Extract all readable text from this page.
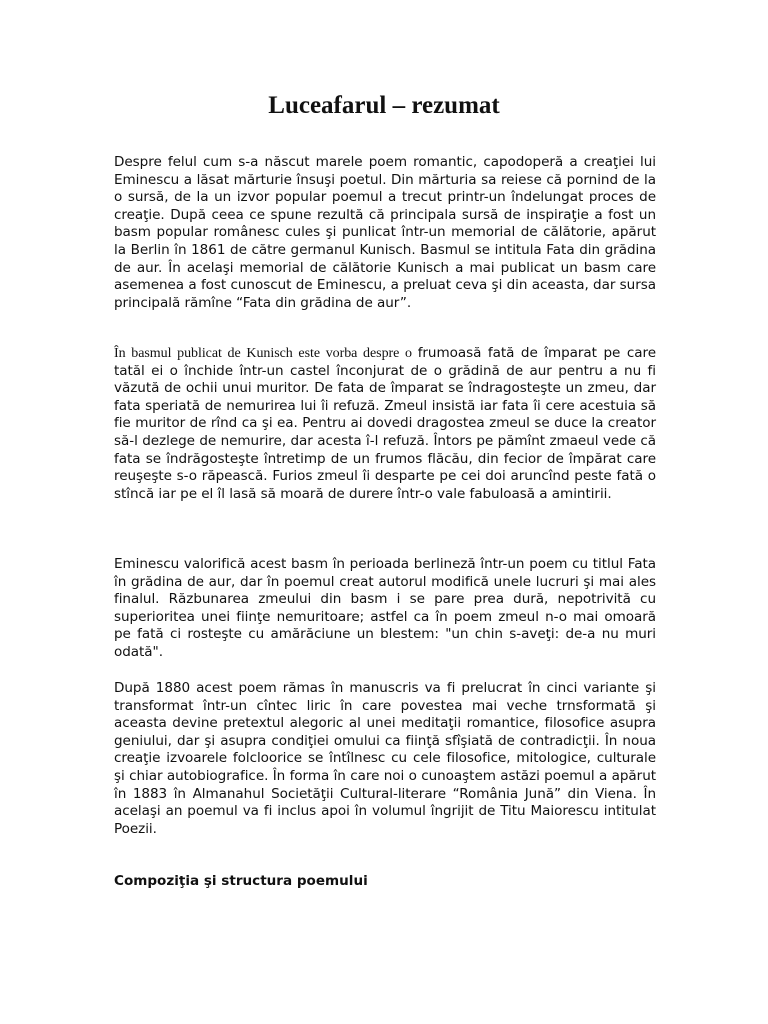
Luceafarul – rezumat

Despre felul cum s-a născut marele poem romantic, capodoperă a creaţiei lui Eminescu a lăsat mărturie însuşi poetul. Din mărturia sa reiese că pornind de la o sursă, de la un izvor popular poemul a trecut printr-un îndelungat proces de creaţie. După ceea ce spune rezultă că principala sursă de inspiraţie a fost un basm popular românesc cules şi punlicat într-un memorial de călătorie, apărut la Berlin în 1861 de către germanul Kunisch. Basmul se intitula Fata din grădina de aur. În acelaşi memorial de călătorie Kunisch a mai publicat un basm care asemenea a fost cunoscut de Eminescu, a preluat ceva şi din aceasta, dar sursa principală rămîne “Fata din grădina de aur”.

În basmul publicat de Kunisch este vorba despre o frumoasă fată de împarat pe care tatăl ei o închide într-un castel înconjurat de o grădină de aur pentru a nu fi văzută de ochii unui muritor. De fata de împarat se îndragosteşte un zmeu, dar fata speriată de nemurirea lui îi refuză. Zmeul insistă iar fata îi cere acestuia să fie muritor de rînd ca şi ea. Pentru ai dovedi dragostea zmeul se duce la creator să-l dezlege de nemurire, dar acesta î-l refuză. Întors pe pămînt zmaeul vede că fata se îndrăgosteşte întretimp de un frumos flăcău, din fecior de împărat care reuşeşte s-o răpească. Furios zmeul îi desparte pe cei doi aruncînd peste fată o stîncă iar pe el îl lasă să moară de durere într-o vale fabuloasă a amintirii.

Eminescu valorifică acest basm în perioada berlineză într-un poem cu titlul Fata în grădina de aur, dar în poemul creat autorul modifică unele lucruri şi mai ales finalul. Răzbunarea zmeului din basm i se pare prea dură, nepotrivită cu superioritea unei fiinţe nemuritoare; astfel ca în poem zmeul n-o mai omoară pe fată ci rosteşte cu amărăciune un blestem: "un chin s-aveţi: de-a nu muri odată".

După 1880 acest poem rămas în manuscris va fi prelucrat în cinci variante şi transformat într-un cîntec liric în care povestea mai veche trnsformată şi aceasta devine pretextul alegoric al unei meditaţii romantice, filosofice asupra geniului, dar şi asupra condiţiei omului ca fiinţă sfîşiată de contradicţii. În noua creaţie izvoarele folcloorice se întîlnesc cu cele filosofice, mitologice, culturale şi chiar autobiografice. În forma în care noi o cunoaştem astăzi poemul a apărut în 1883 în Almanahul Societăţii Cultural-literare “România Jună” din Viena. În acelaşi an poemul va fi inclus apoi în volumul îngrijit de Titu Maiorescu intitulat Poezii.

Compoziţia şi structura poemului
